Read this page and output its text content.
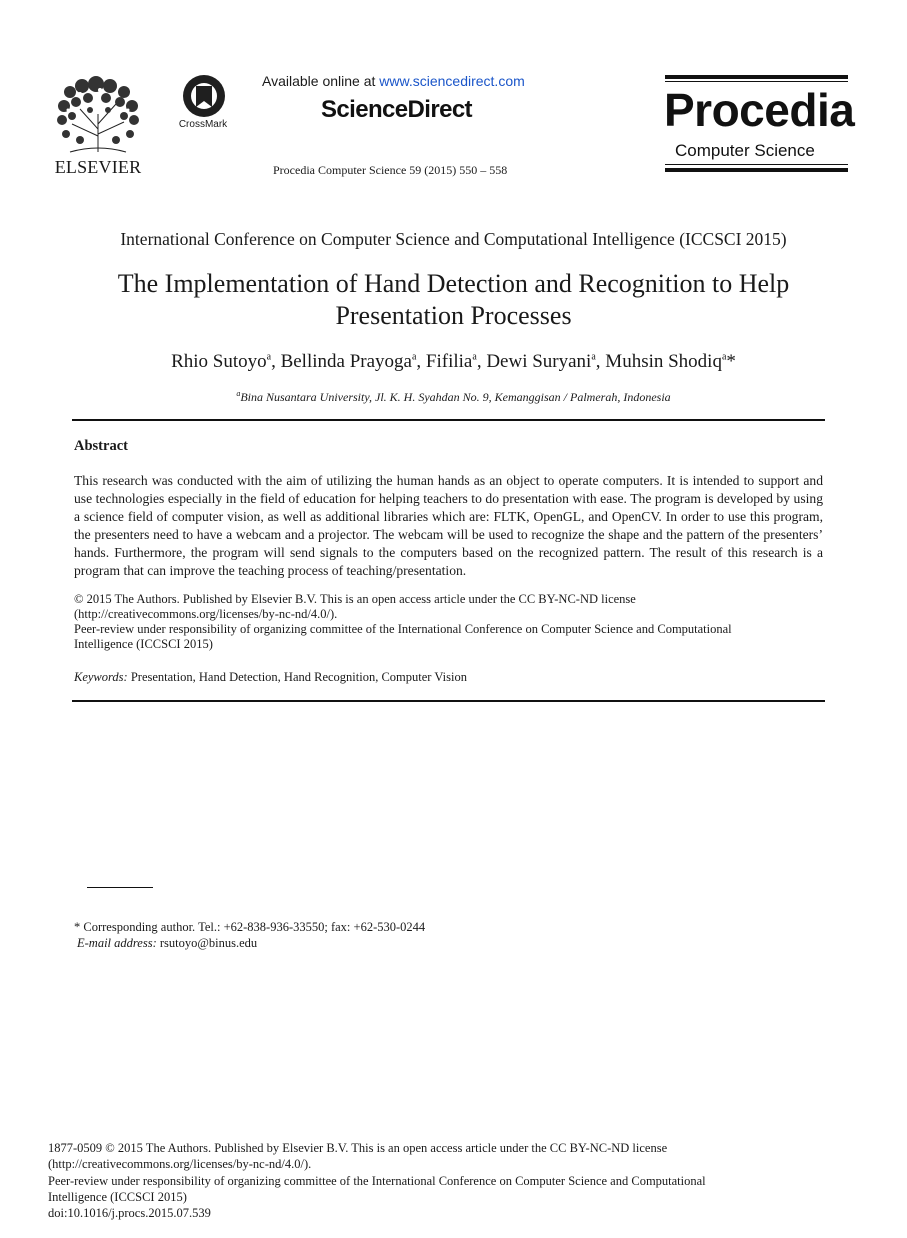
ELSEVIER
CrossMark
Available online at www.sciencedirect.com
ScienceDirect
Procedia Computer Science 59 (2015) 550 – 558
Procedia
Computer Science
International Conference on Computer Science and Computational Intelligence (ICCSCI 2015)
The Implementation of Hand Detection and Recognition to Help
Presentation Processes
Rhio Sutoyo$^a$, Bellinda Prayoga$^a$, Fifilia$^a$, Dewi Suryani$^a$, Muhsin Shodiq$^a$*
$^a$Bina Nusantara University, Jl. K. H. Syahdan No. 9, Kemanggisan / Palmerah, Indonesia
Abstract
This research was conducted with the aim of utilizing the human hands as an object to operate computers. It is intended to support and use technologies especially in the field of education for helping teachers to do presentation with ease. The program is developed by using a science field of computer vision, as well as additional libraries which are: FLTK, OpenGL, and OpenCV. In order to use this program, the presenters need to have a webcam and a projector. The webcam will be used to recognize the shape and the pattern of the presenters’ hands. Furthermore, the program will send signals to the computers based on the recognized pattern. The result of this research is a program that can improve the teaching process of teaching/presentation.
© 2015 The Authors. Published by Elsevier B.V. This is an open access article under the CC BY-NC-ND license
(http://creativecommons.org/licenses/by-nc-nd/4.0/).
Peer-review under responsibility of organizing committee of the International Conference on Computer Science and Computational
Intelligence (ICCSCI 2015)
Keywords: Presentation, Hand Detection, Hand Recognition, Computer Vision
* Corresponding author. Tel.: +62-838-936-33550; fax: +62-530-0244
E-mail address: rsutoyo@binus.edu
1877-0509 © 2015 The Authors. Published by Elsevier B.V. This is an open access article under the CC BY-NC-ND license
(http://creativecommons.org/licenses/by-nc-nd/4.0/).
Peer-review under responsibility of organizing committee of the International Conference on Computer Science and Computational
Intelligence (ICCSCI 2015)
doi:10.1016/j.procs.2015.07.539
